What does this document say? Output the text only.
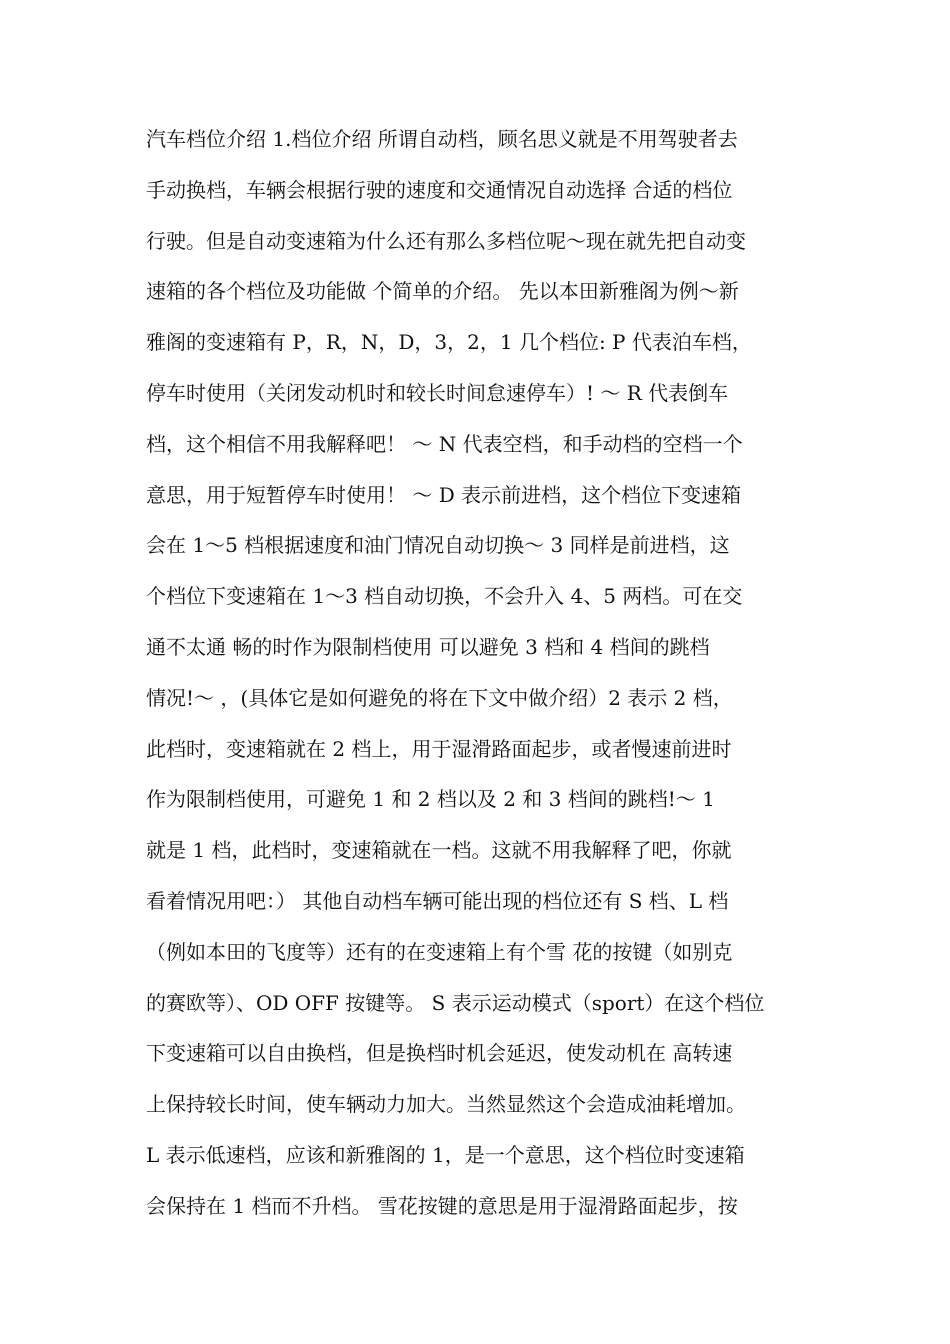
汽车档位介绍 1.档位介绍 所谓自动档，顾名思义就是不用驾驶者去
手动换档，车辆会根据行驶的速度和交通情况自动选择 合适的档位
行驶。但是自动变速箱为什么还有那么多档位呢～现在就先把自动变
速箱的各个档位及功能做 个简单的介绍。 先以本田新雅阁为例～新
雅阁的变速箱有 P，R，N，D，3，2，1 几个档位: P 代表泊车档，
停车时使用（关闭发动机时和较长时间怠速停车）! ～ R 代表倒车
档，这个相信不用我解释吧！ ～ N 代表空档，和手动档的空档一个
意思，用于短暂停车时使用！ ～ D 表示前进档，这个档位下变速箱
会在 1～5 档根据速度和油门情况自动切换～ 3 同样是前进档，这
个档位下变速箱在 1～3 档自动切换，不会升入 4、5 两档。可在交
通不太通 畅的时作为限制档使用 可以避免 3 档和 4 档间的跳档
情况!～ ，(具体它是如何避免的将在下文中做介绍）2 表示 2 档，
此档时，变速箱就在 2 档上，用于湿滑路面起步，或者慢速前进时
作为限制档使用，可避免 1 和 2 档以及 2 和 3 档间的跳档!～ 1
就是 1 档，此档时，变速箱就在一档。这就不用我解释了吧，你就
看着情况用吧：） 其他自动档车辆可能出现的档位还有 S 档、L 档
（例如本田的飞度等）还有的在变速箱上有个雪 花的按键（如别克
的赛欧等）、OD OFF 按键等。 S 表示运动模式（sport）在这个档位
下变速箱可以自由换档，但是换档时机会延迟，使发动机在 高转速
上保持较长时间，使车辆动力加大。当然显然这个会造成油耗增加。
L 表示低速档，应该和新雅阁的 1，是一个意思，这个档位时变速箱
会保持在 1 档而不升档。 雪花按键的意思是用于湿滑路面起步，按
